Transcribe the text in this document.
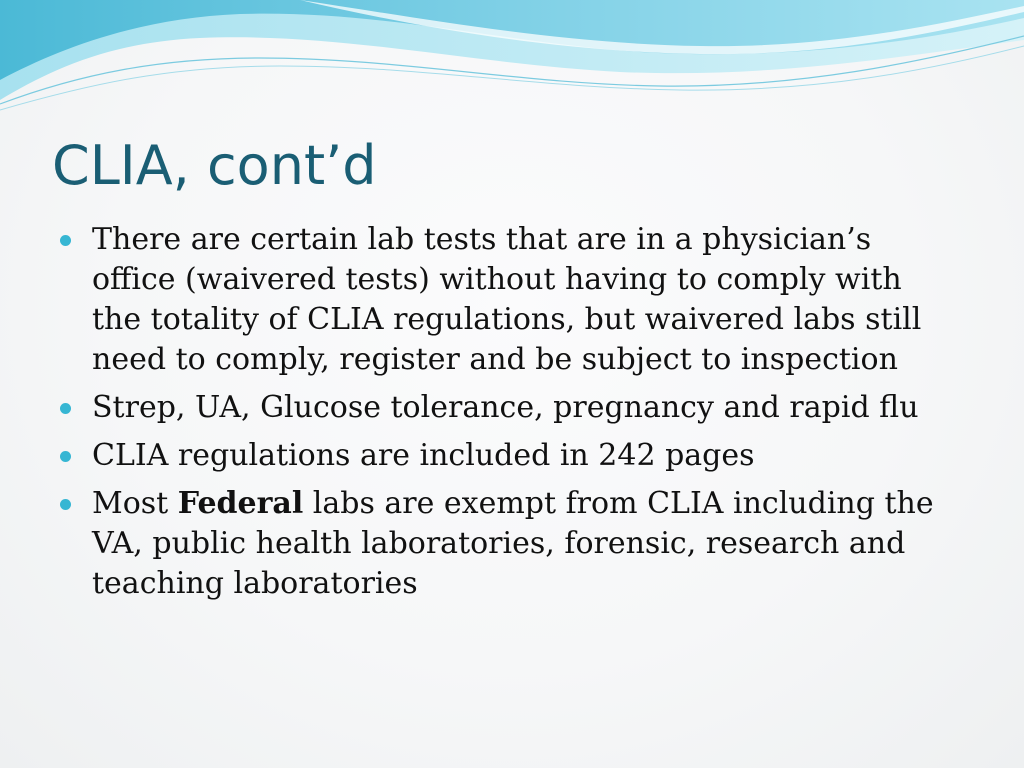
CLIA, cont’d
There are certain lab tests that are in a physician’s office (waivered tests) without having to comply with the totality of CLIA regulations, but waivered labs still need to comply, register and be subject to inspection
Strep, UA, Glucose tolerance, pregnancy and rapid flu
CLIA regulations are included in 242 pages
Most Federal labs are exempt from CLIA including the VA, public health laboratories, forensic, research and teaching laboratories
